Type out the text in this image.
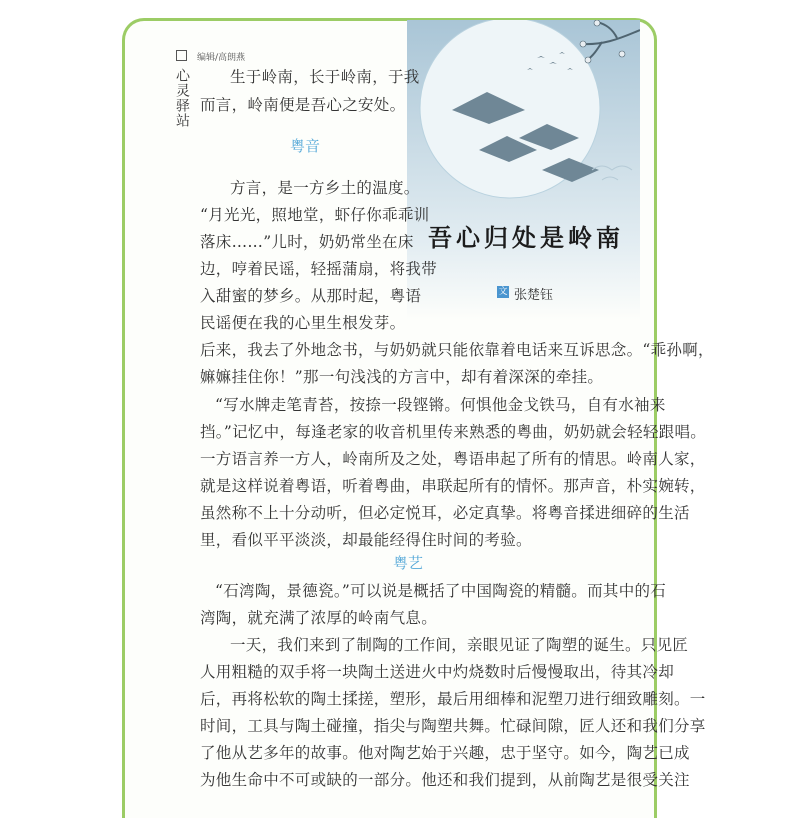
编辑/高朗燕
心灵驿站
吾心归处是岭南
文 张楚钰
生于岭南，长于岭南，于我
而言，岭南便是吾心之安处。
粤音
方言，是一方乡土的温度。
“月光光，照地堂，虾仔你乖乖训
落床……”儿时，奶奶常坐在床
边，哼着民谣，轻摇蒲扇，将我带
入甜蜜的梦乡。从那时起，粤语
民谣便在我的心里生根发芽。
后来，我去了外地念书，与奶奶就只能依靠着电话来互诉思念。“乖孙啊，
嫲嫲挂住你！”那一句浅浅的方言中，却有着深深的牵挂。
“写水牌走笔青苔，按捺一段铿锵。何惧他金戈铁马，自有水袖来
挡。”记忆中，每逢老家的收音机里传来熟悉的粤曲，奶奶就会轻轻跟唱。
一方语言养一方人，岭南所及之处，粤语串起了所有的情思。岭南人家，
就是这样说着粤语，听着粤曲，串联起所有的情怀。那声音，朴实婉转，
虽然称不上十分动听，但必定悦耳，必定真挚。将粤音揉进细碎的生活
里，看似平平淡淡，却最能经得住时间的考验。
粤艺
“石湾陶，景德瓷。”可以说是概括了中国陶瓷的精髓。而其中的石
湾陶，就充满了浓厚的岭南气息。
一天，我们来到了制陶的工作间，亲眼见证了陶塑的诞生。只见匠
人用粗糙的双手将一块陶土送进火中灼烧数时后慢慢取出，待其冷却
后，再将松软的陶土揉搓，塑形，最后用细棒和泥塑刀进行细致雕刻。一
时间，工具与陶土碰撞，指尖与陶塑共舞。忙碌间隙，匠人还和我们分享
了他从艺多年的故事。他对陶艺始于兴趣，忠于坚守。如今，陶艺已成
为他生命中不可或缺的一部分。他还和我们提到，从前陶艺是很受关注
